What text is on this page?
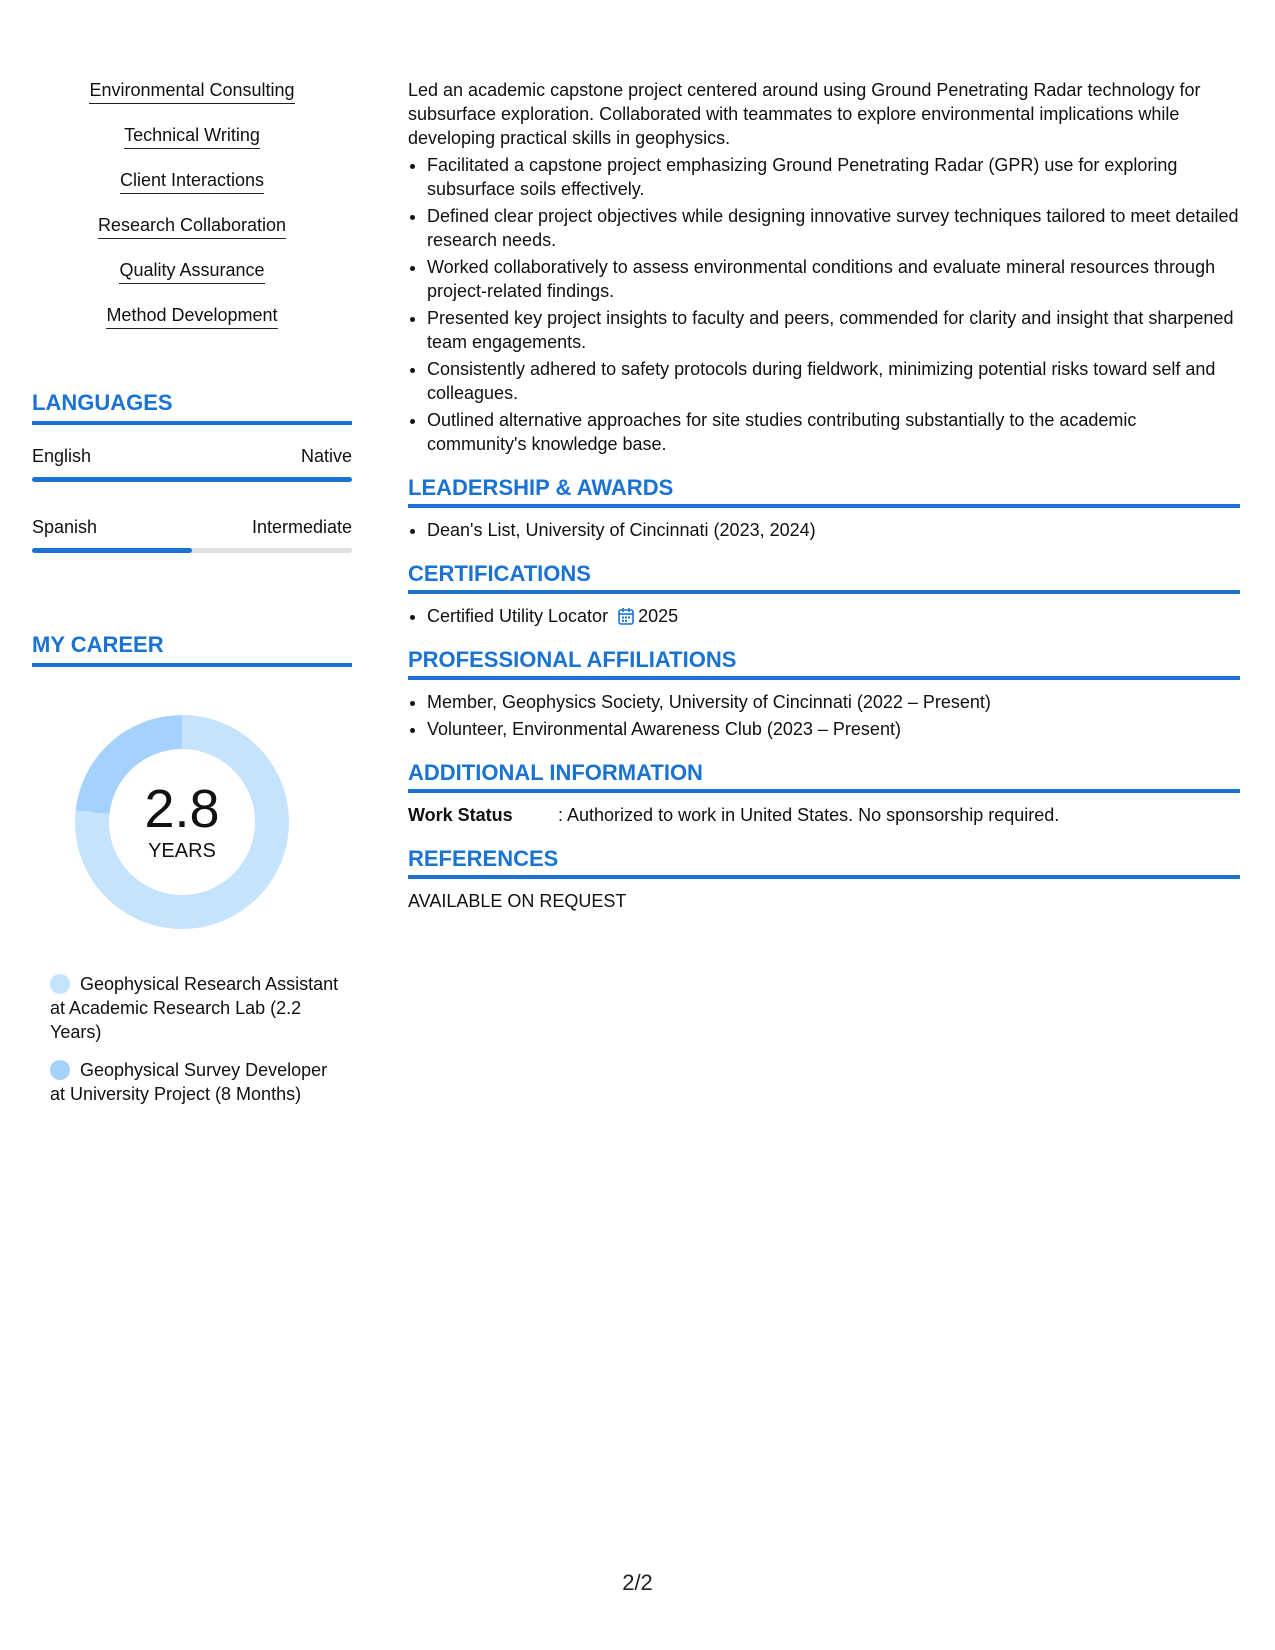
Environmental Consulting
Technical Writing
Client Interactions
Research Collaboration
Quality Assurance
Method Development
LANGUAGES
English	Native
Spanish	Intermediate
MY CAREER
2.8
YEARS
Geophysical Research Assistant at Academic Research Lab (2.2 Years)
Geophysical Survey Developer at University Project (8 Months)

Led an academic capstone project centered around using Ground Penetrating Radar technology for subsurface exploration. Collaborated with teammates to explore environmental implications while developing practical skills in geophysics.

• Facilitated a capstone project emphasizing Ground Penetrating Radar (GPR) use for exploring subsurface soils effectively.
• Defined clear project objectives while designing innovative survey techniques tailored to meet detailed research needs.
• Worked collaboratively to assess environmental conditions and evaluate mineral resources through project-related findings.
• Presented key project insights to faculty and peers, commended for clarity and insight that sharpened team engagements.
• Consistently adhered to safety protocols during fieldwork, minimizing potential risks toward self and colleagues.
• Outlined alternative approaches for site studies contributing substantially to the academic community's knowledge base.
LEADERSHIP & AWARDS
• Dean's List, University of Cincinnati (2023, 2024)
CERTIFICATIONS
• Certified Utility Locator 2025
PROFESSIONAL AFFILIATIONS
• Member, Geophysics Society, University of Cincinnati (2022 – Present)
• Volunteer, Environmental Awareness Club (2023 – Present)
ADDITIONAL INFORMATION
Work Status	: Authorized to work in United States. No sponsorship required.
REFERENCES
AVAILABLE ON REQUEST
2/2
